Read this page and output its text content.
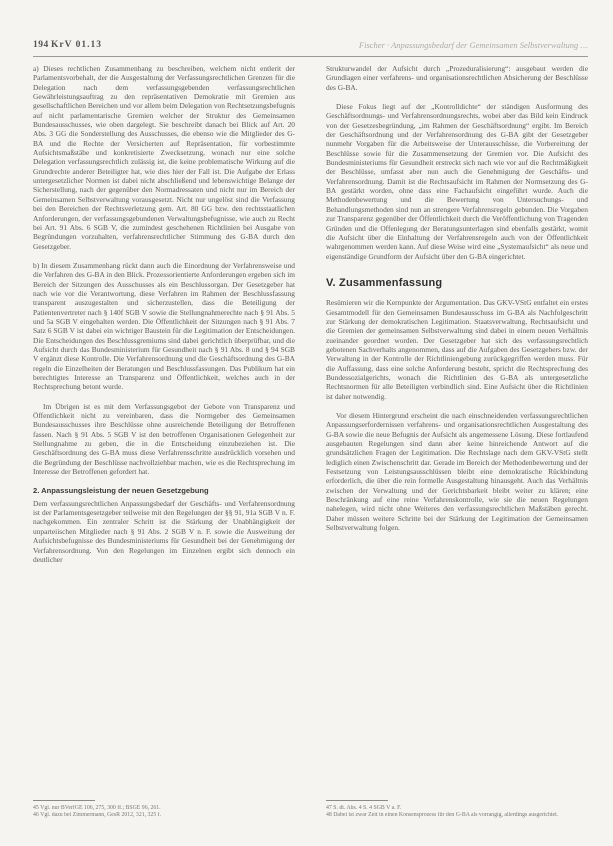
194 KrV 01.13	Fischer · Anpassungsbedarf der Gemeinsamen Selbstverwaltung …

a) Dieses rechtlichen Zusammenhang zu beschreiben, welchem nicht entlerit der Parlamentsvorbehalt, der die Ausgestaltung der Verfassungsrechtlichen Grenzen für die Delegation nach dem verfassungsgebenden verfassungsrechtlichen Gewährleistungsauftrag zu den repräsentativen Demokratie mit Gremien aus gesellschaftlichen Bereichen und vor allem beim Delegation von Rechtsetzungsbefugnis auf nicht parlamentarische Gremien welcher der Struktur des Gemeinsamen Bundesausschusses, wie oben dargelegt. Sie beschreibt danach bei Blick auf Art. 20 Abs. 3 GG die Sonderstellung des Ausschusses, die ebenso wie die Mitglieder des G-BA und die Rechte der Versicherten auf Repräsentation, für vorbestimmte Aufsichtsmaßstäbe und konkretisierte Zwecksetzung, wonach nur eine solche Delegation verfassungsrechtlich zulässig ist, die keine problematische Wirkung auf die Grundrechte anderer Beteiligter hat, wie dies hier der Fall ist. Die Aufgabe der Erlass untergesetzlicher Normen ist dabei nicht abschließend und lebenswichtige Belange der Sicherstellung, nach der gegenüber den Normadressaten und nicht nur im Bereich der Gemeinsamen Selbstverwaltung vorausgesetzt. Nicht nur ungelöst sind die Verfassung bei den Bereichen der Rechtsverletzung gem. Art. 80 GG bzw. den rechtsstaatlichen Anforderungen, der verfassungsgebundenen Verwaltungsbefugnisse, wie auch zu Recht bei Art. 91 Abs. 6 SGB V, die zumindest geschehenen Richtlinien bei Ausgabe von Begründungen vorzuhalten, verfahrensrechtlicher Stimmung des G-BA durch den Gesetzgeber.

b) In diesem Zusammenhang rückt dann auch die Einordnung der Verfahrensweise und die Verfahren des G-BA in den Blick. Prozessorientierte Anforderungen ergeben sich im Bereich der Sitzungen des Ausschusses als ein Beschlussorgan. Der Gesetzgeber hat nach wie vor die Verantwortung, diese Verfahren im Rahmen der Beschlussfassung transparent auszugestalten und sicherzustellen, dass die Beteiligung der Patientenvertreter nach § 140f SGB V sowie die Stellungnahmerechte nach § 91 Abs. 5 und 5a SGB V eingehalten werden. Die Öffentlichkeit der Sitzungen nach § 91 Abs. 7 Satz 6 SGB V ist dabei ein wichtiger Baustein für die Legitimation der Entscheidungen. Die Entscheidungen des Beschlussgremiums sind dabei gerichtlich überprüfbar, und die Aufsicht durch das Bundesministerium für Gesundheit nach § 91 Abs. 8 und § 94 SGB V ergänzt diese Kontrolle. Die Verfahrensordnung und die Geschäftsordnung des G-BA regeln die Einzelheiten der Beratungen und Beschlussfassungen. Das Publikum hat ein berechtigtes Interesse an Transparenz und Öffentlichkeit, welches auch in der Rechtsprechung betont wurde.

Im Übrigen ist es mit dem Verfassungsgebot der Gebote von Transparenz und Öffentlichkeit nicht zu vereinbaren, dass die Normgeber des Gemeinsamen Bundesausschusses ihre Beschlüsse ohne ausreichende Beteiligung der Betroffenen fassen. Nach § 91 Abs. 5 SGB V ist den betroffenen Organisationen Gelegenheit zur Stellungnahme zu geben, die in die Entscheidung einzubeziehen ist. Die Geschäftsordnung des G-BA muss diese Verfahrensschritte ausdrücklich vorsehen und die Begründung der Beschlüsse nachvollziehbar machen, wie es die Rechtsprechung im Interesse der Betroffenen gefordert hat.

2. Anpassungsleistung der neuen Gesetzgebung

Dem verfassungsrechtlichen Anpassungsbedarf der Geschäfts- und Verfahrensordnung ist der Parlamentsgesetzgeber teilweise mit den Regelungen der §§ 91, 91a SGB V n. F. nachgekommen. Ein zentraler Schritt ist die Stärkung der Unabhängigkeit der unparteiischen Mitglieder nach § 91 Abs. 2 SGB V n. F. sowie die Ausweitung der Aufsichtsbefugnisse des Bundesministeriums für Gesundheit bei der Genehmigung der Verfahrensordnung. Von den Regelungen im Einzelnen ergibt sich dennoch ein deutlicher

45 Vgl. nur BVerfGE 106, 275, 300 ff.; BSGE 96, 261.
46 Vgl. dazu bei Zimmermann, GesR 2012, 321, 325 f.

Strukturwandel der Aufsicht durch „Prozeduralisierung“: ausgebaut werden die Grundlagen einer verfahrens- und organisationsrechtlichen Absicherung der Beschlüsse des G-BA.

Diese Fokus liegt auf der „Kontrolldichte“ der ständigen Ausformung des Geschäftsordnungs- und Verfahrensordnungsrechts, wobei aber das Bild kein Eindruck von der Gesetzesbegründung, „im Rahmen der Geschäftsordnung“ ergibt. Im Bereich der Geschäftsordnung und der Verfahrensordnung des G-BA gibt der Gesetzgeber nunmehr Vorgaben für die Arbeitsweise der Unterausschüsse, die Vorbereitung der Beschlüsse sowie für die Zusammensetzung der Gremien vor. Die Aufsicht des Bundesministeriums für Gesundheit erstreckt sich nach wie vor auf die Rechtmäßigkeit der Beschlüsse, umfasst aber nun auch die Genehmigung der Geschäfts- und Verfahrensordnung. Damit ist die Rechtsaufsicht im Rahmen der Normsetzung des G-BA gestärkt worden, ohne dass eine Fachaufsicht eingeführt wurde. Auch die Methodenbewertung und die Bewertung von Untersuchungs- und Behandlungsmethoden sind nun an strengere Verfahrensregeln gebunden. Die Vorgaben zur Transparenz gegenüber der Öffentlichkeit durch die Veröffentlichung von Tragenden Gründen und die Offenlegung der Beratungsunterlagen sind ebenfalls gestärkt, womit die Aufsicht über die Einhaltung der Verfahrensregeln auch von der Öffentlichkeit wahrgenommen werden kann. Auf diese Weise wird eine „Systemaufsicht“ als neue und eigenständige Grundform der Aufsicht über den G-BA eingerichtet.

V. Zusammenfassung

Resümieren wir die Kernpunkte der Argumentation. Das GKV-VStG entfaltet ein erstes Gesamtmodell für den Gemeinsamen Bundesausschuss im G-BA als Nachfolgeschritt zur Stärkung der demokratischen Legitimation. Staatsverwaltung, Rechtsaufsicht und die Gremien der gemeinsamen Selbstverwaltung sind dabei in einem neuen Verhältnis zueinander geordnet worden. Der Gesetzgeber hat sich des verfassungsrechtlich gebotenen Sachverhalts angenommen, dass auf die Aufgaben des Gesetzgebers bzw. der Verwaltung in der Kontrolle der Richtliniengebung zurückgegriffen werden muss. Für die Auffassung, dass eine solche Anforderung besteht, spricht die Rechtsprechung des Bundessozialgerichts, wonach die Richtlinien des G-BA als untergesetzliche Rechtsnormen für alle Beteiligten verbindlich sind. Eine Aufsicht über die Richtlinien ist daher notwendig.

Vor diesem Hintergrund erscheint die nach einschneidenden verfassungsrechtlichen Anpassungserfordernissen verfahrens- und organisationsrechtlichen Ausgestaltung des G-BA sowie die neue Befugnis der Aufsicht als angemessene Lösung. Diese fortlaufend ausgebauten Regelungen sind dann aber keine hinreichende Antwort auf die grundsätzlichen Fragen der Legitimation. Die Rechtslage nach dem GKV-VStG stellt lediglich einen Zwischenschritt dar. Gerade im Bereich der Methodenbewertung und der Festsetzung von Leistungsausschlüssen bleibt eine demokratische Rückbindung erforderlich, die über die rein formelle Ausgestaltung hinausgeht. Auch das Verhältnis zwischen der Verwaltung und der Gerichtsbarkeit bleibt weiter zu klären; eine Beschränkung auf eine reine Verfahrenskontrolle, wie sie die neuen Regelungen nahelegen, wird nicht ohne Weiteres den verfassungsrechtlichen Maßstäben gerecht. Daher müssen weitere Schritte bei der Stärkung der Legitimation der Gemeinsamen Selbstverwaltung folgen.

47 S. dt. Abs. 4 S. 4 SGB V a. F.
48 Dabei ist zwar Zeit in einen Konsensprozess für den G-BA als vorrangig, allerdings ausgerichtet.
